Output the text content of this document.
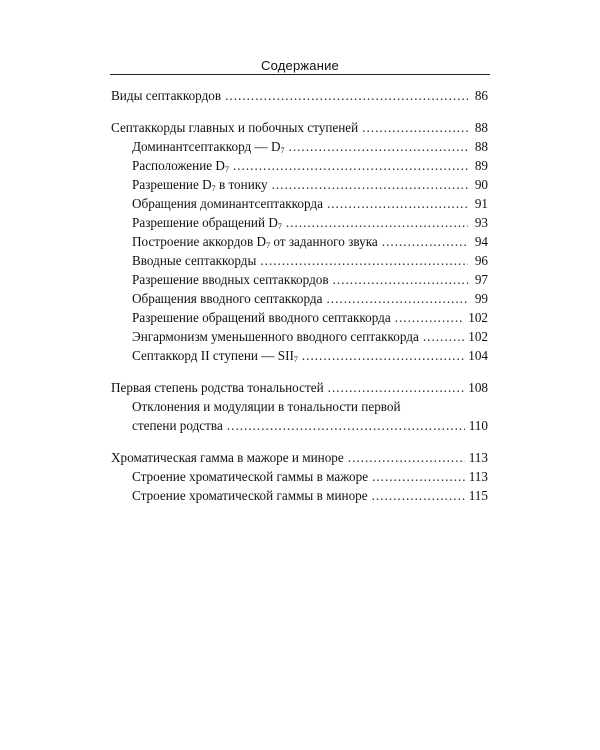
Содержание
Виды септаккордов .....	86
Септаккорды главных и побочных ступеней .....	88
Доминантсептаккорд — $D_7$ .....	88
Расположение $D_7$ .....	89
Разрешение $D_7$ в тонику .....	90
Обращения доминантсептаккорда .....	91
Разрешение обращений $D_7$ .....	93
Построение аккордов $D_7$ от заданного звука .....	94
Вводные септаккорды .....	96
Разрешение вводных септаккордов .....	97
Обращения вводного септаккорда .....	99
Разрешение обращений вводного септаккорда .....	102
Энгармонизм уменьшенного вводного септаккорда .....	102
Септаккорд II ступени — $SII_7$ .....	104
Первая степень родства тональностей .....	108
Отклонения и модуляции в тональности первой
степени родства .....	110
Хроматическая гамма в мажоре и миноре .....	113
Строение хроматической гаммы в мажоре .....	113
Строение хроматической гаммы в миноре .....	115
